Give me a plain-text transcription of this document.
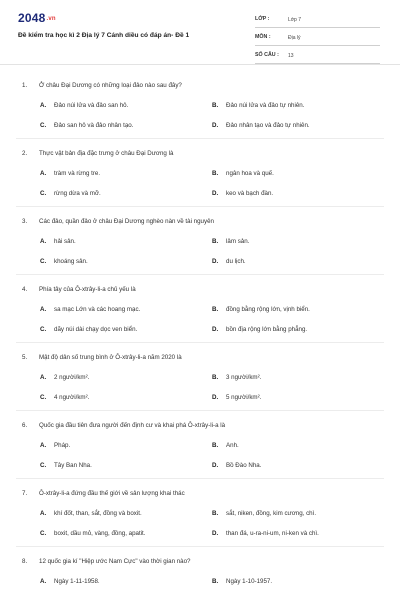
2048.vn
Đề kiểm tra học kì 2 Địa lý 7 Cánh diều có đáp án- Đề 1
LỚP :	Lớp 7
MÔN :	Địa lý
SỐ CÂU : 13
1. Ở châu Đại Dương có những loại đảo nào sau đây?
A. Đảo núi lửa và đảo san hô.	B. Đảo núi lửa và đảo tự nhiên.
C. Đảo san hô và đảo nhân tạo.	D. Đảo nhân tạo và đảo tự nhiên.
2. Thực vật bản địa đặc trưng ở châu Đại Dương là
A. tràm và rừng tre.	B. ngân hoa và quế.
C. rừng dừa và mỡ.	D. keo và bạch đàn.
3. Các đảo, quần đảo ở châu Đại Dương nghèo nàn về tài nguyên
A. hải sản.	B. lâm sản.
C. khoáng sản.	D. du lịch.
4. Phía tây của Ô-xtrây-li-a chủ yếu là
A. sa mạc Lớn và các hoang mạc.	B. đồng bằng rộng lớn, vịnh biển.
C. dãy núi dài chạy dọc ven biển.	D. bồn địa rộng lớn bằng phẳng.
5. Mật độ dân số trung bình ở Ô-xtrây-li-a năm 2020 là
A. 2 người/km².	B. 3 người/km².
C. 4 người/km².	D. 5 người/km².
6. Quốc gia đầu tiên đưa người đến định cư và khai phá Ô-xtrây-li-a là
A. Pháp.	B. Anh.
C. Tây Ban Nha.	D. Bồ Đào Nha.
7. Ô-xtrây-li-a đứng đầu thế giới về sản lượng khai thác
A. khí đốt, than, sắt, đồng và boxit.	B. sắt, niken, đồng, kim cương, chì.
C. boxit, dầu mỏ, vàng, đồng, apatit.	D. than đá, u-ra-ni-um, ni-ken và chì.
8. 12 quốc gia kí "Hiệp ước Nam Cực" vào thời gian nào?
A. Ngày 1-11-1958.	B. Ngày 1-10-1957.
